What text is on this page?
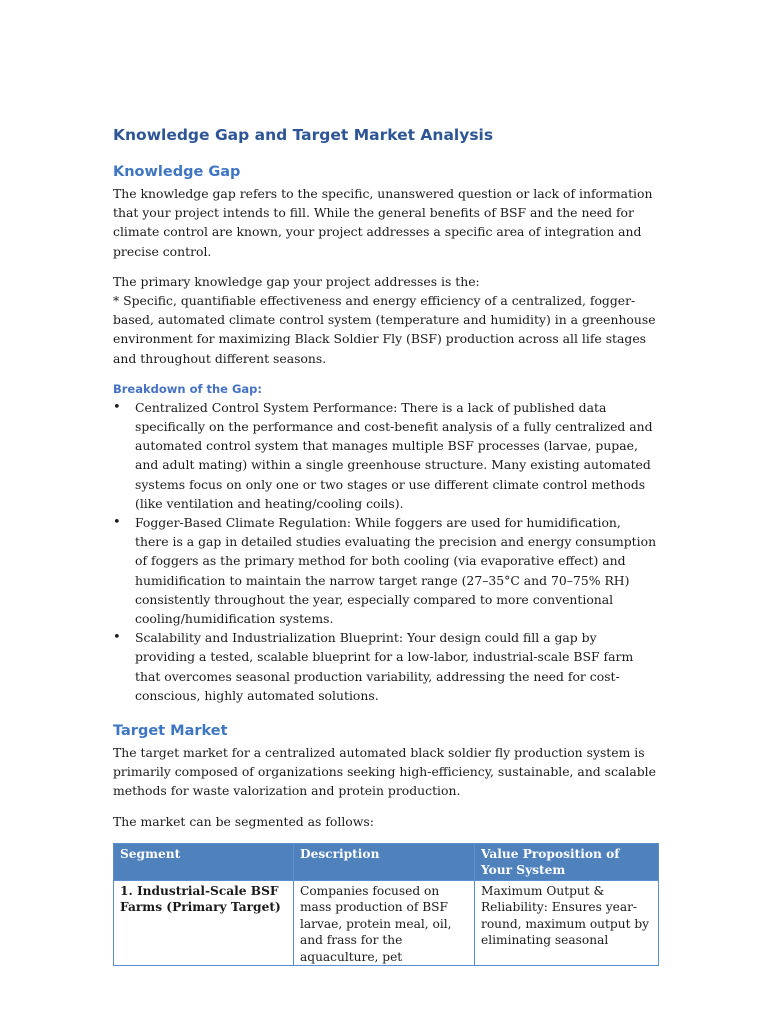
Knowledge Gap and Target Market Analysis
Knowledge Gap

The knowledge gap refers to the specific, unanswered question or lack of information that your project intends to fill. While the general benefits of BSF and the need for climate control are known, your project addresses a specific area of integration and precise control.

The primary knowledge gap your project addresses is the:
* Specific, quantifiable effectiveness and energy efficiency of a centralized, fogger-based, automated climate control system (temperature and humidity) in a greenhouse environment for maximizing Black Soldier Fly (BSF) production across all life stages and throughout different seasons.

Breakdown of the Gap:
• Centralized Control System Performance: There is a lack of published data specifically on the performance and cost-benefit analysis of a fully centralized and automated control system that manages multiple BSF processes (larvae, pupae, and adult mating) within a single greenhouse structure. Many existing automated systems focus on only one or two stages or use different climate control methods (like ventilation and heating/cooling coils).
• Fogger-Based Climate Regulation: While foggers are used for humidification, there is a gap in detailed studies evaluating the precision and energy consumption of foggers as the primary method for both cooling (via evaporative effect) and humidification to maintain the narrow target range (27–35°C and 70–75% RH) consistently throughout the year, especially compared to more conventional cooling/humidification systems.
• Scalability and Industrialization Blueprint: Your design could fill a gap by providing a tested, scalable blueprint for a low-labor, industrial-scale BSF farm that overcomes seasonal production variability, addressing the need for cost-conscious, highly automated solutions.
Target Market

The target market for a centralized automated black soldier fly production system is primarily composed of organizations seeking high-efficiency, sustainable, and scalable methods for waste valorization and protein production.

The market can be segmented as follows:

Segment	Description	Value Proposition of Your System
1. Industrial-Scale BSF Farms (Primary Target)	Companies focused on mass production of BSF larvae, protein meal, oil, and frass for the aquaculture, pet	Maximum Output & Reliability: Ensures year-round, maximum output by eliminating seasonal
